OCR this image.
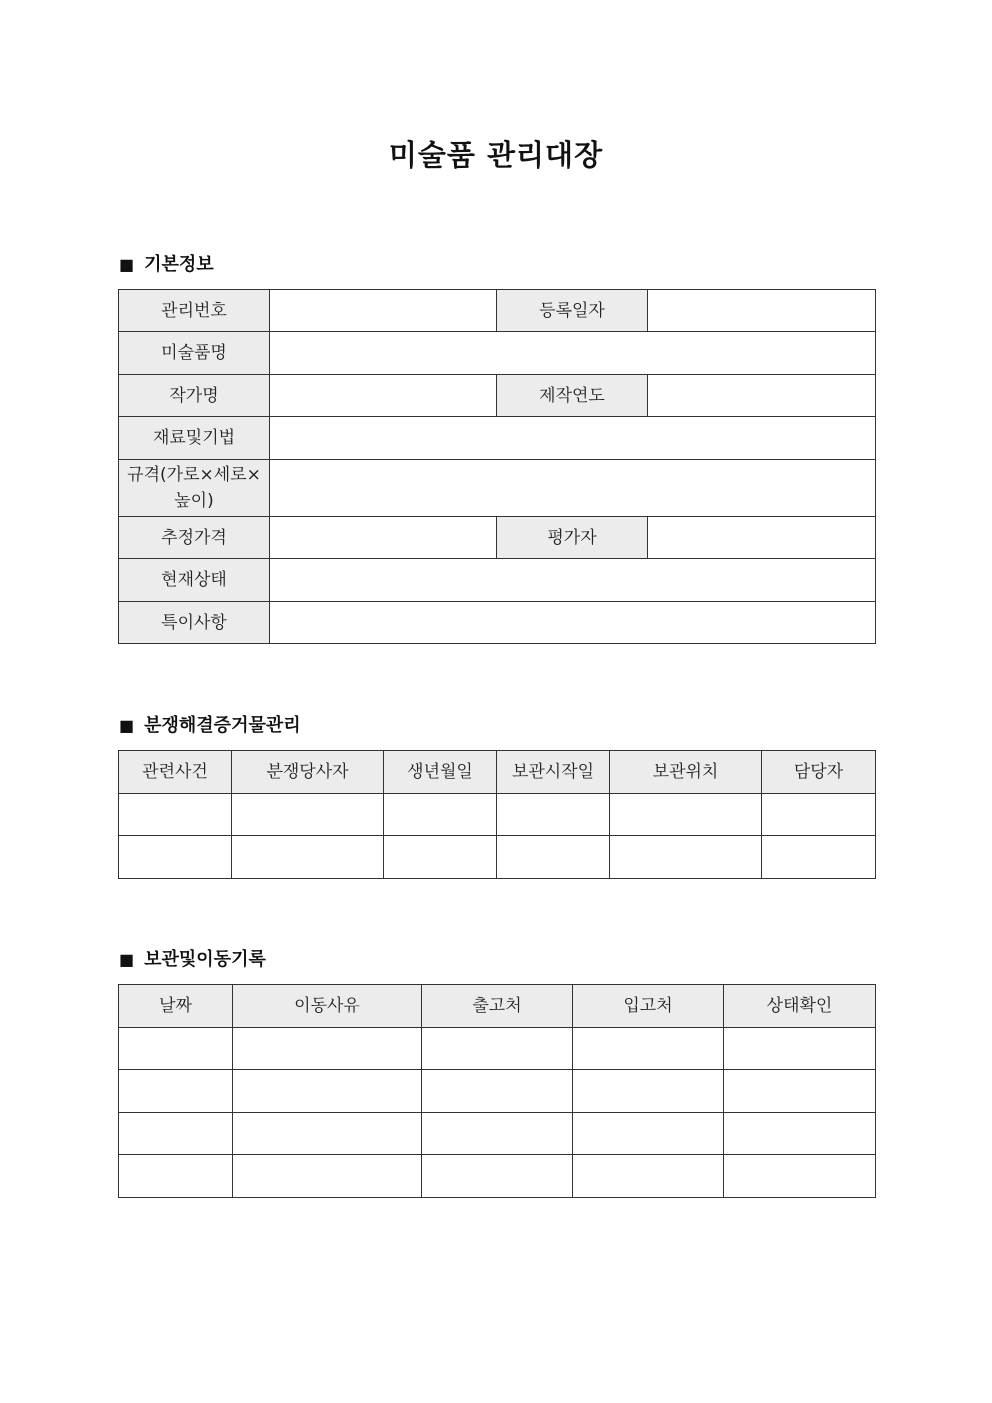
미술품 관리대장
■ 기본정보
관리번호		등록일자	
미술품명			
작가명		제작연도	
재료및기법			
규격(가로×세로×높이)			
추정가격		평가자	
현재상태			
특이사항			
■ 분쟁해결증거물관리
관련사건	분쟁당사자	생년월일	보관시작일	보관위치	담당자

■ 보관및이동기록
날짜	이동사유	출고처	입고처	상태확인
